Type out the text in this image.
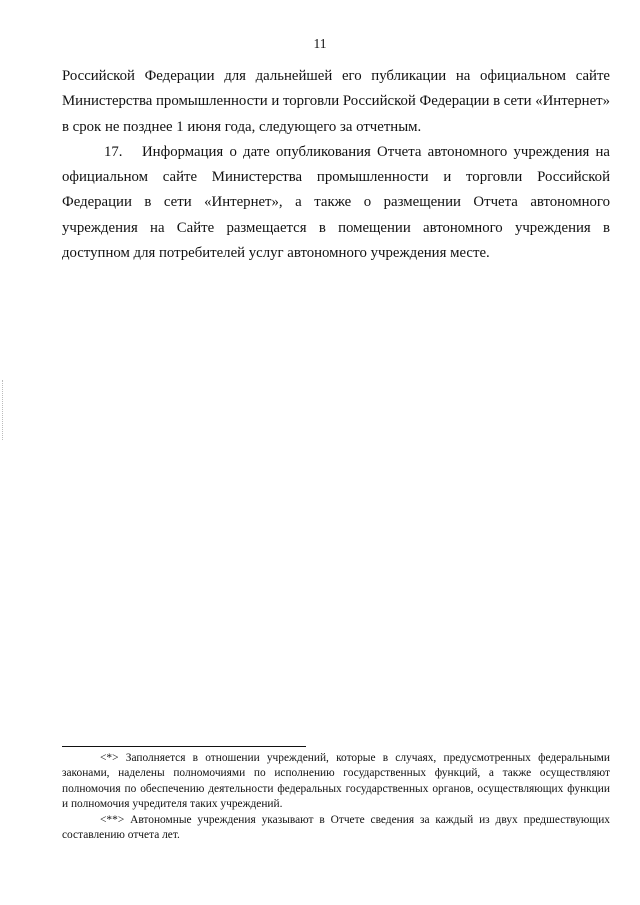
11

Российской Федерации для дальнейшей его публикации на официальном сайте Министерства промышленности и торговли Российской Федерации в сети «Интернет» в срок не позднее 1 июня года, следующего за отчетным.

17. Информация о дате опубликования Отчета автономного учреждения на официальном сайте Министерства промышленности и торговли Российской Федерации в сети «Интернет», а также о размещении Отчета автономного учреждения на Сайте размещается в помещении автономного учреждения в доступном для потребителей услуг автономного учреждения месте.

<*> Заполняется в отношении учреждений, которые в случаях, предусмотренных федеральными законами, наделены полномочиями по исполнению государственных функций, а также осуществляют полномочия по обеспечению деятельности федеральных государственных органов, осуществляющих функции и полномочия учредителя таких учреждений.

<**> Автономные учреждения указывают в Отчете сведения за каждый из двух предшествующих составлению отчета лет.
